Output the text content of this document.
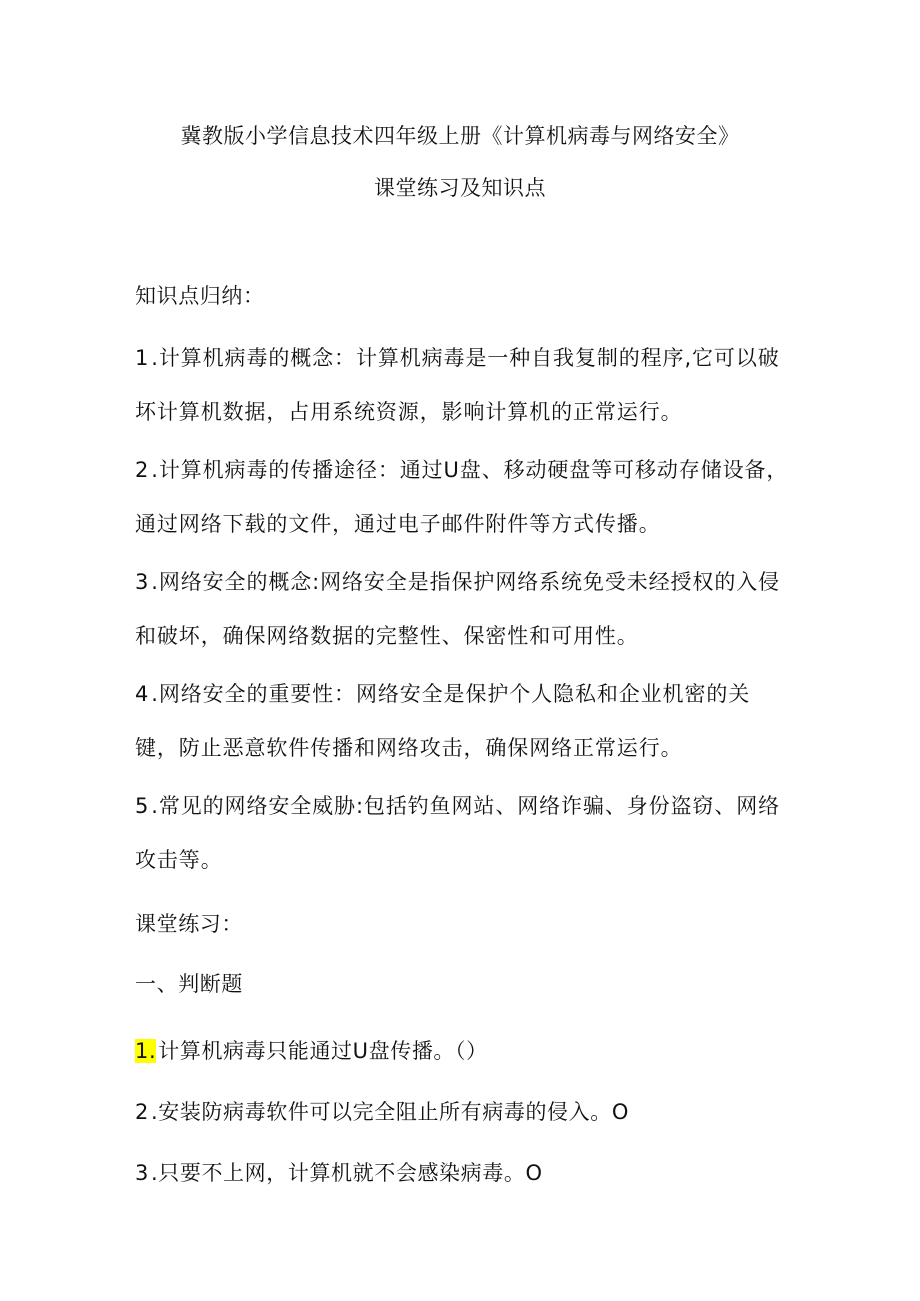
冀教版小学信息技术四年级上册《计算机病毒与网络安全》
课堂练习及知识点
知识点归纳：
1.计算机病毒的概念：计算机病毒是一种自我复制的程序,它可以破坏计算机数据，占用系统资源，影响计算机的正常运行。
2.计算机病毒的传播途径：通过U盘、移动硬盘等可移动存储设备，通过网络下载的文件，通过电子邮件附件等方式传播。
3.网络安全的概念:网络安全是指保护网络系统免受未经授权的入侵和破坏，确保网络数据的完整性、保密性和可用性。
4.网络安全的重要性：网络安全是保护个人隐私和企业机密的关键，防止恶意软件传播和网络攻击，确保网络正常运行。
5.常见的网络安全威胁:包括钓鱼网站、网络诈骗、身份盗窃、网络攻击等。
课堂练习：
一、判断题
1.计算机病毒只能通过U盘传播。（）
2.安装防病毒软件可以完全阻止所有病毒的侵入。O
3.只要不上网，计算机就不会感染病毒。O
